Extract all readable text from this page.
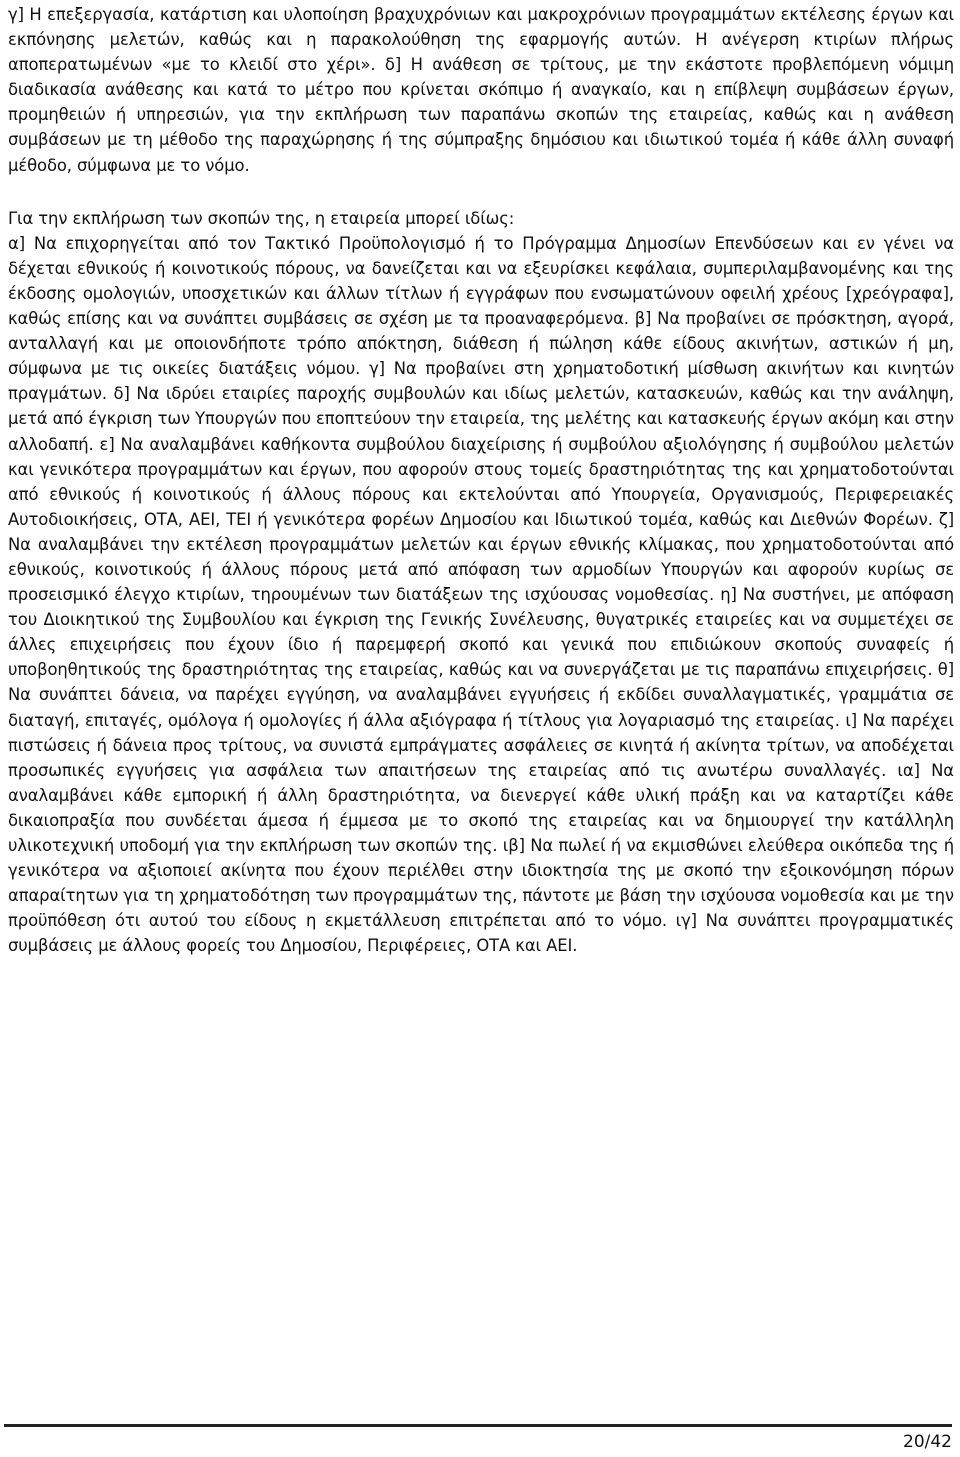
γ] Η επεξεργασία, κατάρτιση και υλοποίηση βραχυχρόνιων και μακροχρόνιων προγραμμάτων εκτέλεσης έργων και εκπόνησης μελετών, καθώς και η παρακολούθηση της εφαρμογής αυτών. Η ανέγερση κτιρίων πλήρως αποπερατωμένων «με το κλειδί στο χέρι». δ] Η ανάθεση σε τρίτους, με την εκάστοτε προβλεπόμενη νόμιμη διαδικασία ανάθεσης και κατά το μέτρο που κρίνεται σκόπιμο ή αναγκαίο, και η επίβλεψη συμβάσεων έργων, προμηθειών ή υπηρεσιών, για την εκπλήρωση των παραπάνω σκοπών της εταιρείας, καθώς και η ανάθεση συμβάσεων με τη μέθοδο της παραχώρησης ή της σύμπραξης δημόσιου και ιδιωτικού τομέα ή κάθε άλλη συναφή μέθοδο, σύμφωνα με το νόμο.

Για την εκπλήρωση των σκοπών της, η εταιρεία μπορεί ιδίως:

α] Να επιχορηγείται από τον Τακτικό Προϋπολογισμό ή το Πρόγραμμα Δημοσίων Επενδύσεων και εν γένει να δέχεται εθνικούς ή κοινοτικούς πόρους, να δανείζεται και να εξευρίσκει κεφάλαια, συμπεριλαμβανομένης και της έκδοσης ομολογιών, υποσχετικών και άλλων τίτλων ή εγγράφων που ενσωματώνουν οφειλή χρέους [χρεόγραφα], καθώς επίσης και να συνάπτει συμβάσεις σε σχέση με τα προαναφερόμενα. β] Να προβαίνει σε πρόσκτηση, αγορά, ανταλλαγή και με οποιονδήποτε τρόπο απόκτηση, διάθεση ή πώληση κάθε είδους ακινήτων, αστικών ή μη, σύμφωνα με τις οικείες διατάξεις νόμου. γ] Να προβαίνει στη χρηματοδοτική μίσθωση ακινήτων και κινητών πραγμάτων. δ] Να ιδρύει εταιρίες παροχής συμβουλών και ιδίως μελετών, κατασκευών, καθώς και την ανάληψη, μετά από έγκριση των Υπουργών που εποπτεύουν την εταιρεία, της μελέτης και κατασκευής έργων ακόμη και στην αλλοδαπή. ε] Να αναλαμβάνει καθήκοντα συμβούλου διαχείρισης ή συμβούλου αξιολόγησης ή συμβούλου μελετών και γενικότερα προγραμμάτων και έργων, που αφορούν στους τομείς δραστηριότητας της και χρηματοδοτούνται από εθνικούς ή κοινοτικούς ή άλλους πόρους και εκτελούνται από Υπουργεία, Οργανισμούς, Περιφερειακές Αυτοδιοικήσεις, ΟΤΑ, ΑΕΙ, ΤΕΙ ή γενικότερα φορέων Δημοσίου και Ιδιωτικού τομέα, καθώς και Διεθνών Φορέων. ζ] Να αναλαμβάνει την εκτέλεση προγραμμάτων μελετών και έργων εθνικής κλίμακας, που χρηματοδοτούνται από εθνικούς, κοινοτικούς ή άλλους πόρους μετά από απόφαση των αρμοδίων Υπουργών και αφορούν κυρίως σε προσεισμικό έλεγχο κτιρίων, τηρουμένων των διατάξεων της ισχύουσας νομοθεσίας. η] Να συστήνει, με απόφαση του Διοικητικού της Συμβουλίου και έγκριση της Γενικής Συνέλευσης, θυγατρικές εταιρείες και να συμμετέχει σε άλλες επιχειρήσεις που έχουν ίδιο ή παρεμφερή σκοπό και γενικά που επιδιώκουν σκοπούς συναφείς ή υποβοηθητικούς της δραστηριότητας της εταιρείας, καθώς και να συνεργάζεται με τις παραπάνω επιχειρήσεις. θ] Να συνάπτει δάνεια, να παρέχει εγγύηση, να αναλαμβάνει εγγυήσεις ή εκδίδει συναλλαγματικές, γραμμάτια σε διαταγή, επιταγές, ομόλογα ή ομολογίες ή άλλα αξιόγραφα ή τίτλους για λογαριασμό της εταιρείας. ι] Να παρέχει πιστώσεις ή δάνεια προς τρίτους, να συνιστά εμπράγματες ασφάλειες σε κινητά ή ακίνητα τρίτων, να αποδέχεται προσωπικές εγγυήσεις για ασφάλεια των απαιτήσεων της εταιρείας από τις ανωτέρω συναλλαγές. ια] Να αναλαμβάνει κάθε εμπορική ή άλλη δραστηριότητα, να διενεργεί κάθε υλική πράξη και να καταρτίζει κάθε δικαιοπραξία που συνδέεται άμεσα ή έμμεσα με το σκοπό της εταιρείας και να δημιουργεί την κατάλληλη υλικοτεχνική υποδομή για την εκπλήρωση των σκοπών της. ιβ] Να πωλεί ή να εκμισθώνει ελεύθερα οικόπεδα της ή γενικότερα να αξιοποιεί ακίνητα που έχουν περιέλθει στην ιδιοκτησία της με σκοπό την εξοικονόμηση πόρων απαραίτητων για τη χρηματοδότηση των προγραμμάτων της, πάντοτε με βάση την ισχύουσα νομοθεσία και με την προϋπόθεση ότι αυτού του είδους η εκμετάλλευση επιτρέπεται από το νόμο. ιγ] Να συνάπτει προγραμματικές συμβάσεις με άλλους φορείς του Δημοσίου, Περιφέρειες, ΟΤΑ και ΑΕΙ.

20/42
